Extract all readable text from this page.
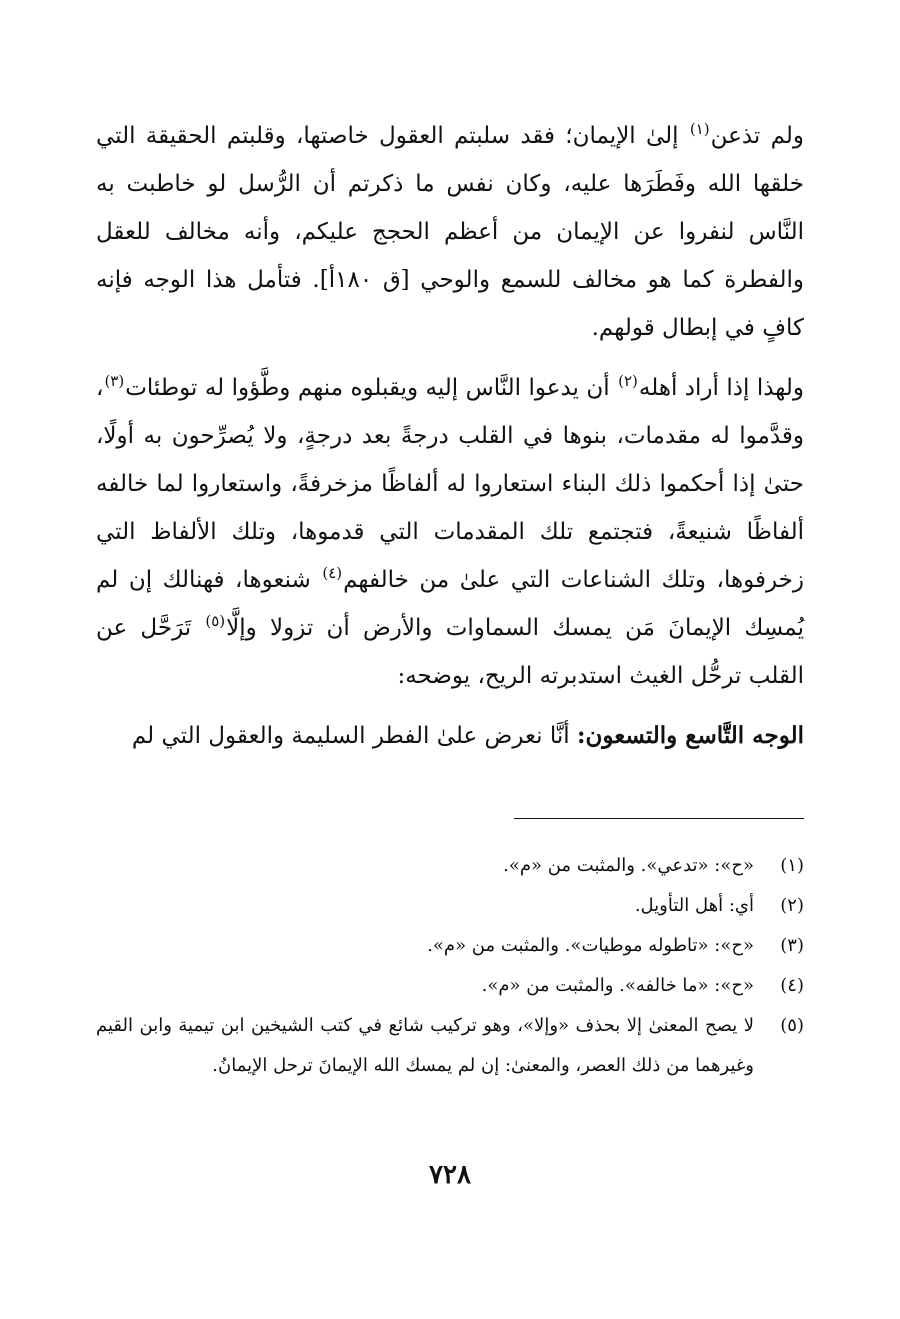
ولم تذعن$^{(١)}$ إلىٰ الإيمان؛ فقد سلبتم العقول خاصتها، وقلبتم الحقيقة التي خلقها الله وفَطَرَها عليه، وكان نفس ما ذكرتم أن الرُّسل لو خاطبت به النَّاس لنفروا عن الإيمان من أعظم الحجج عليكم، وأنه مخالف للعقل والفطرة كما هو مخالف للسمع والوحي [ق ١٨٠أ]. فتأمل هذا الوجه فإنه كافٍ في إبطال قولهم.

ولهذا إذا أراد أهله$^{(٢)}$ أن يدعوا النَّاس إليه ويقبلوه منهم وطَّؤوا له توطئات$^{(٣)}$، وقدَّموا له مقدمات، بنوها في القلب درجةً بعد درجةٍ، ولا يُصرِّحون به أولًا، حتىٰ إذا أحكموا ذلك البناء استعاروا له ألفاظًا مزخرفةً، واستعاروا لما خالفه ألفاظًا شنيعةً، فتجتمع تلك المقدمات التي قدموها، وتلك الألفاظ التي زخرفوها، وتلك الشناعات التي علىٰ من خالفهم$^{(٤)}$ شنعوها، فهنالك إن لم يُمسِك الإيمانَ مَن يمسك السماوات والأرض أن تزولا وإلَّا$^{(٥)}$ تَرَحَّل عن القلب ترحُّل الغيث استدبرته الريح، يوضحه:

الوجه التَّاسع والتسعون: أنَّا نعرض علىٰ الفطر السليمة والعقول التي لم

(١)
«ح»: «تدعي». والمثبت من «م».
(٢)
أي: أهل التأويل.
(٣)
«ح»: «تاطوله موطيات». والمثبت من «م».
(٤)
«ح»: «ما خالفه». والمثبت من «م».
(٥)
لا يصح المعنىٰ إلا بحذف «وإلا»، وهو تركيب شائع في كتب الشيخين ابن تيمية وابن القيم وغيرهما من ذلك العصر، والمعنىٰ: إن لم يمسك الله الإيمانَ ترحل الإيمانُ.
٧٢٨
